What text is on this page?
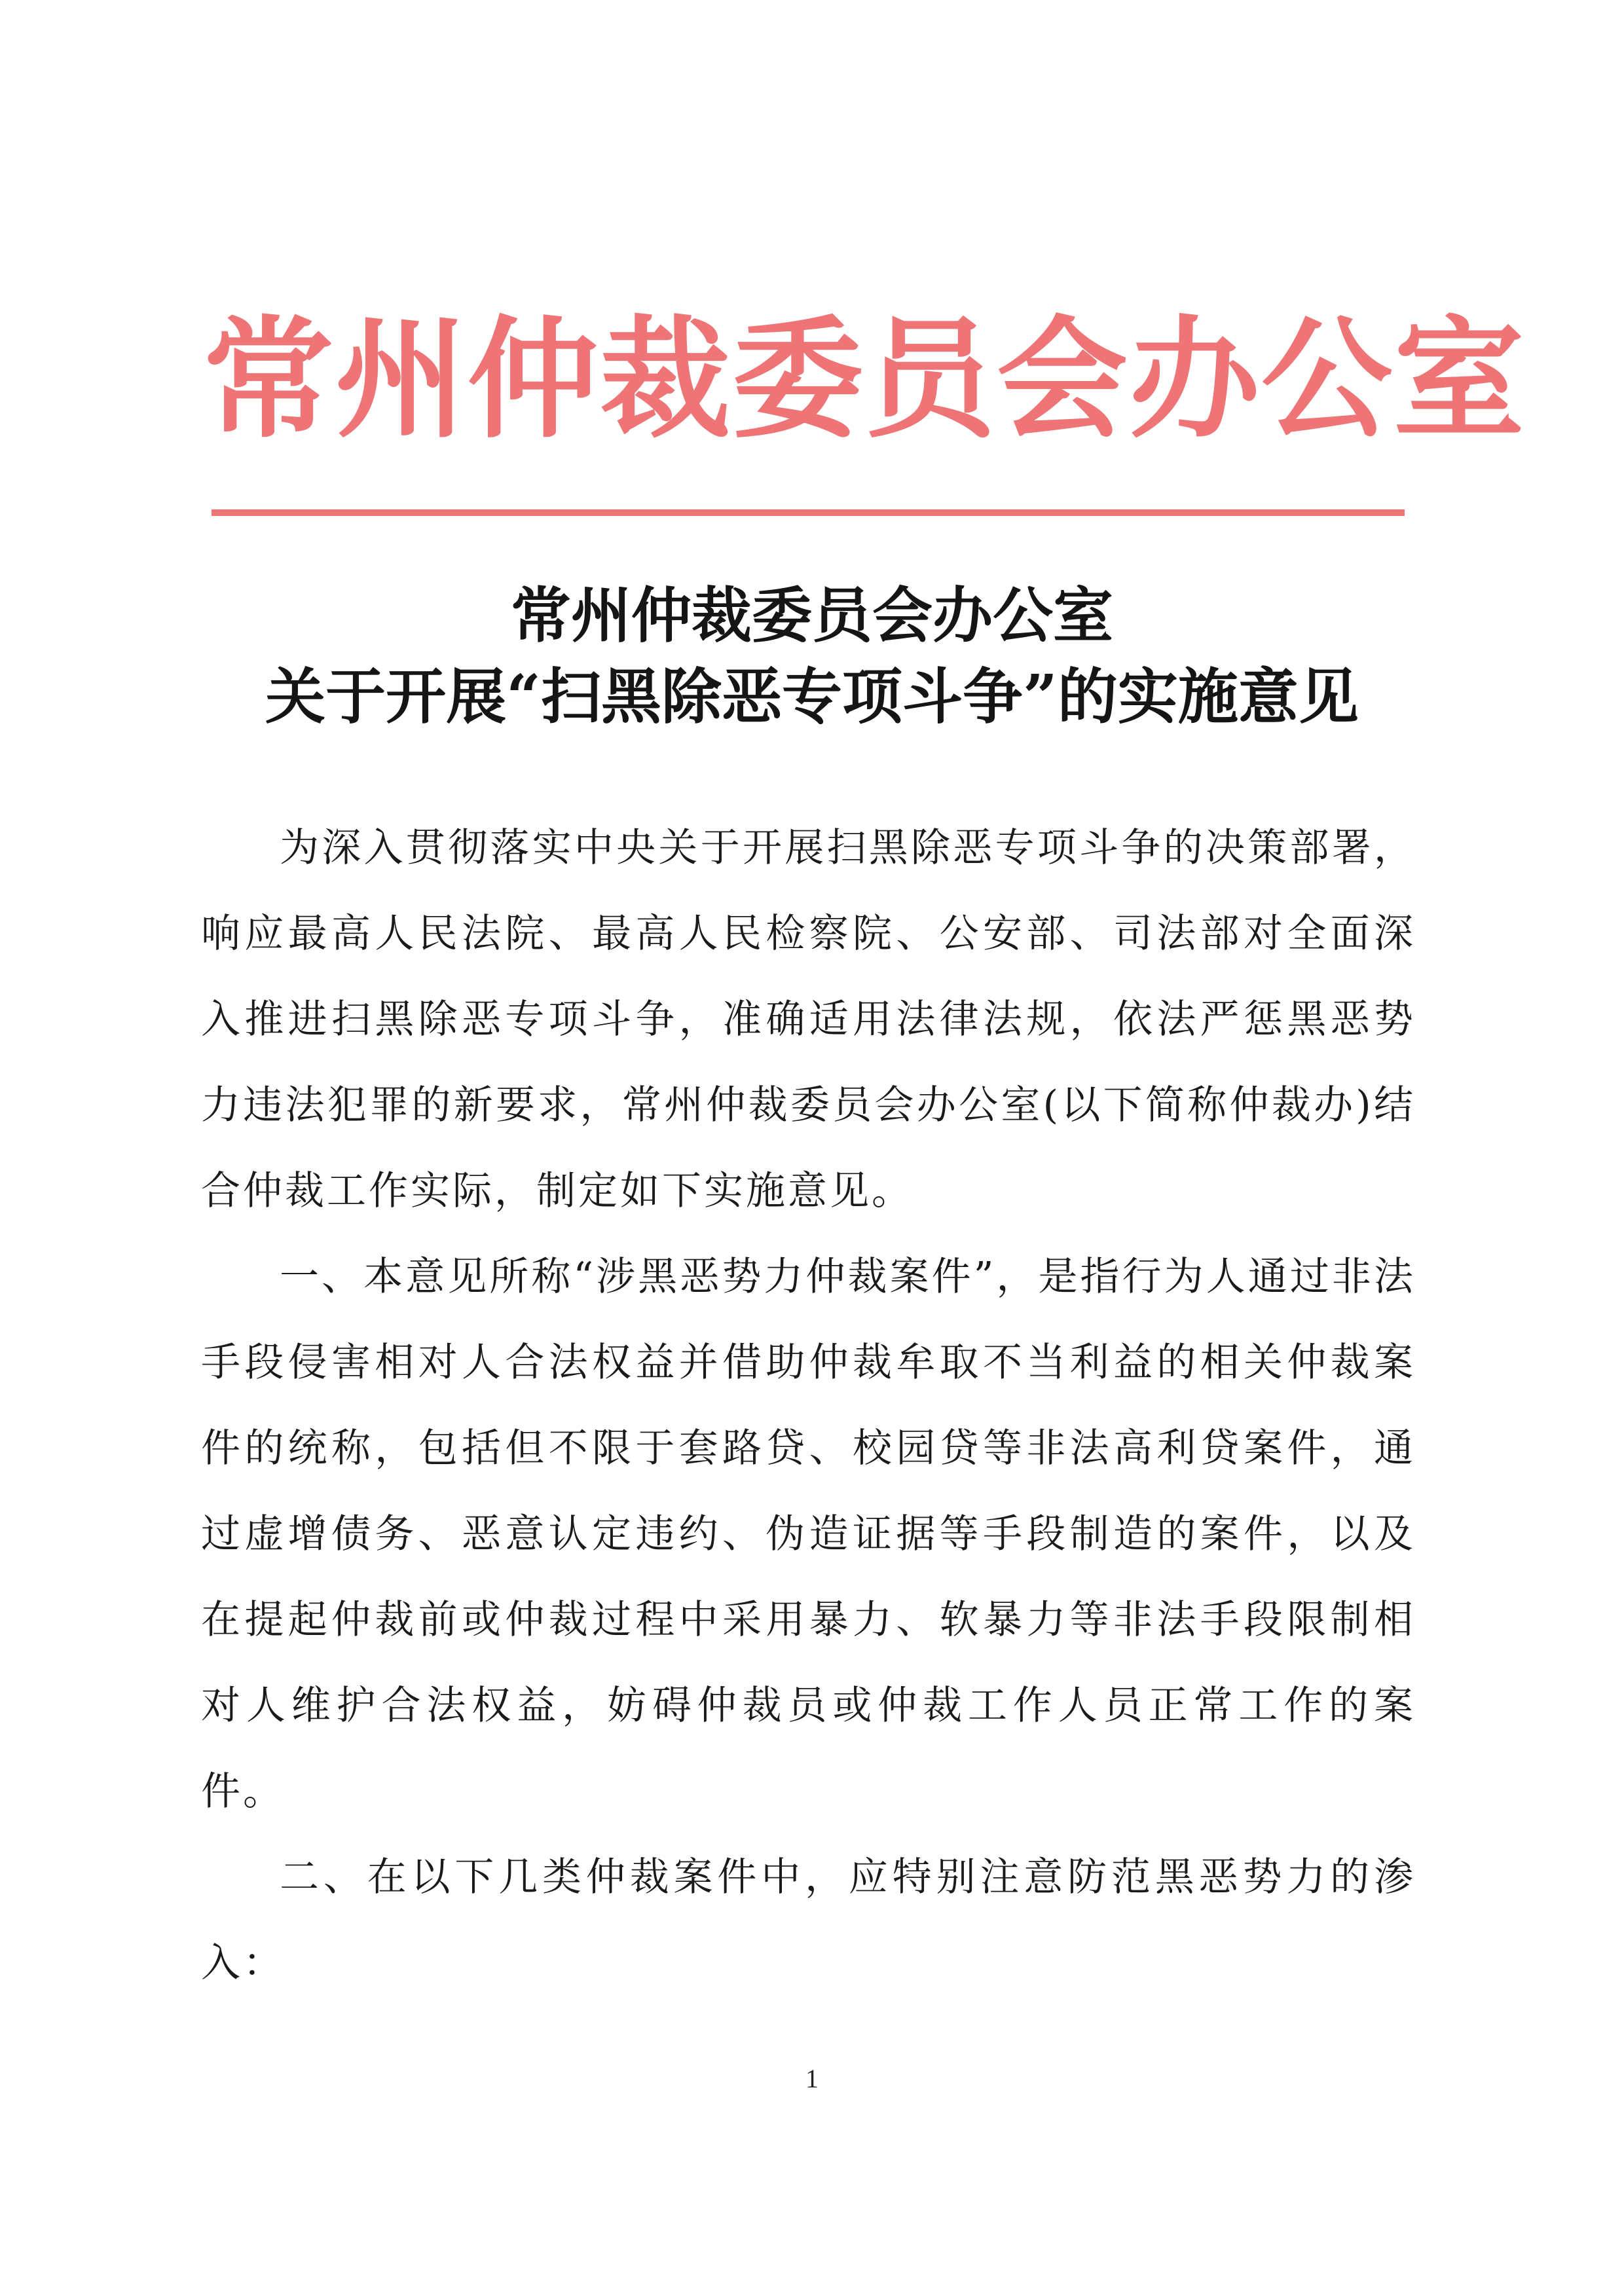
常州仲裁委员会办公室
常州仲裁委员会办公室
关于开展“扫黑除恶专项斗争”的实施意见

为深入贯彻落实中央关于开展扫黑除恶专项斗争的决策部署，响应最高人民法院、最高人民检察院、公安部、司法部对全面深入推进扫黑除恶专项斗争，准确适用法律法规，依法严惩黑恶势力违法犯罪的新要求，常州仲裁委员会办公室(以下简称仲裁办)结合仲裁工作实际，制定如下实施意见。

一、本意见所称“涉黑恶势力仲裁案件”，是指行为人通过非法手段侵害相对人合法权益并借助仲裁牟取不当利益的相关仲裁案件的统称，包括但不限于套路贷、校园贷等非法高利贷案件，通过虚增债务、恶意认定违约、伪造证据等手段制造的案件，以及在提起仲裁前或仲裁过程中采用暴力、软暴力等非法手段限制相对人维护合法权益，妨碍仲裁员或仲裁工作人员正常工作的案件。

二、在以下几类仲裁案件中，应特别注意防范黑恶势力的渗入：

1
